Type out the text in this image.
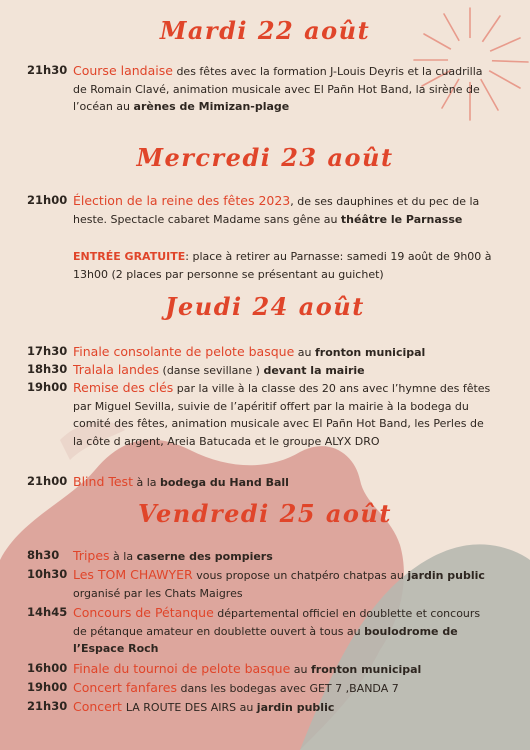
Mardi 22 août
21h30 Course landaise des fêtes avec la formation J-Louis Deyris et la cuadrilla de Romain Clavé, animation musicale avec El Pañn Hot Band, la sirène de l’océan au arènes de Mimizan-plage
Mercredi 23 août
21h00 Élection de la reine des fêtes 2023, de ses dauphines et du pec de la heste. Spectacle cabaret Madame sans gêne au théâtre le Parnasse
ENTRÉE GRATUITE: place à retirer au Parnasse: samedi 19 août de 9h00 à 13h00 (2 places par personne se présentant au guichet)
Jeudi 24 août
17h30 Finale consolante de pelote basque au fronton municipal
18h30 Tralala landes (danse sevillane ) devant la mairie
19h00 Remise des clés par la ville à la classe des 20 ans avec l’hymne des fêtes par Miguel Sevilla, suivie de l’apéritif offert par la mairie à la bodega du comité des fêtes, animation musicale avec El Pañn Hot Band, les Perles de la côte d argent, Areia Batucada et le groupe ALYX DRO
21h00 Blind Test à la bodega du Hand Ball
Vendredi 25 août
8h30	Tripes à la caserne des pompiers
10h30 Les TOM CHAWYER vous propose un chatpéro chatpas au jardin public organisé par les Chats Maigres
14h45 Concours de Pétanque départemental officiel en doublette et concours de pétanque amateur en doublette ouvert à tous au boulodrome de l’Espace Roch
16h00 Finale du tournoi de pelote basque au fronton municipal
19h00 Concert fanfares dans les bodegas avec GET 7 ,BANDA 7
21h30 Concert LA ROUTE DES AIRS au jardin public
